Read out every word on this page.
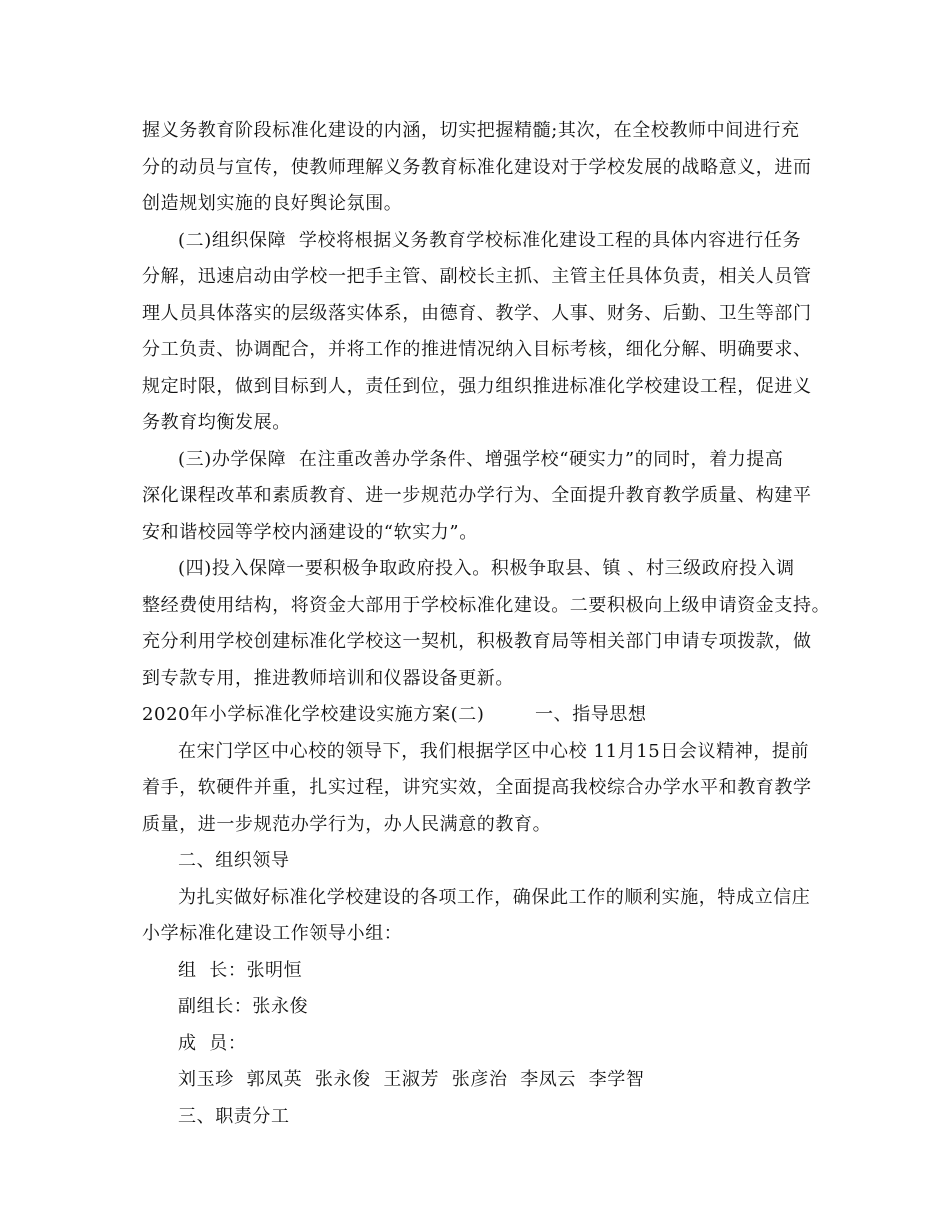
握义务教育阶段标准化建设的内涵，切实把握精髓;其次，在全校教师中间进行充
分的动员与宣传，使教师理解义务教育标准化建设对于学校发展的战略意义，进而
创造规划实施的良好舆论氛围。
(二)组织保障  学校将根据义务教育学校标准化建设工程的具体内容进行任务
分解，迅速启动由学校一把手主管、副校长主抓、主管主任具体负责，相关人员管
理人员具体落实的层级落实体系，由德育、教学、人事、财务、后勤、卫生等部门
分工负责、协调配合，并将工作的推进情况纳入目标考核，细化分解、明确要求、
规定时限，做到目标到人，责任到位，强力组织推进标准化学校建设工程，促进义
务教育均衡发展。
(三)办学保障  在注重改善办学条件、增强学校“硬实力”的同时，着力提高
深化课程改革和素质教育、进一步规范办学行为、全面提升教育教学质量、构建平
安和谐校园等学校内涵建设的“软实力”。
(四)投入保障一要积极争取政府投入。积极争取县、镇 、村三级政府投入调
整经费使用结构，将资金大部用于学校标准化建设。二要积极向上级申请资金支持。
充分利用学校创建标准化学校这一契机，积极教育局等相关部门申请专项拨款，做
到专款专用，推进教师培训和仪器设备更新。
2020年小学标准化学校建设实施方案(二)        一、指导思想
在宋门学区中心校的领导下，我们根据学区中心校 11月15日会议精神，提前
着手，软硬件并重，扎实过程，讲究实效，全面提高我校综合办学水平和教育教学
质量，进一步规范办学行为，办人民满意的教育。
二、组织领导
为扎实做好标准化学校建设的各项工作，确保此工作的顺利实施，特成立信庄
小学标准化建设工作领导小组：
组  长：张明恒
副组长：张永俊
成  员：
刘玉珍  郭凤英  张永俊  王淑芳  张彦治  李凤云  李学智
三、职责分工
